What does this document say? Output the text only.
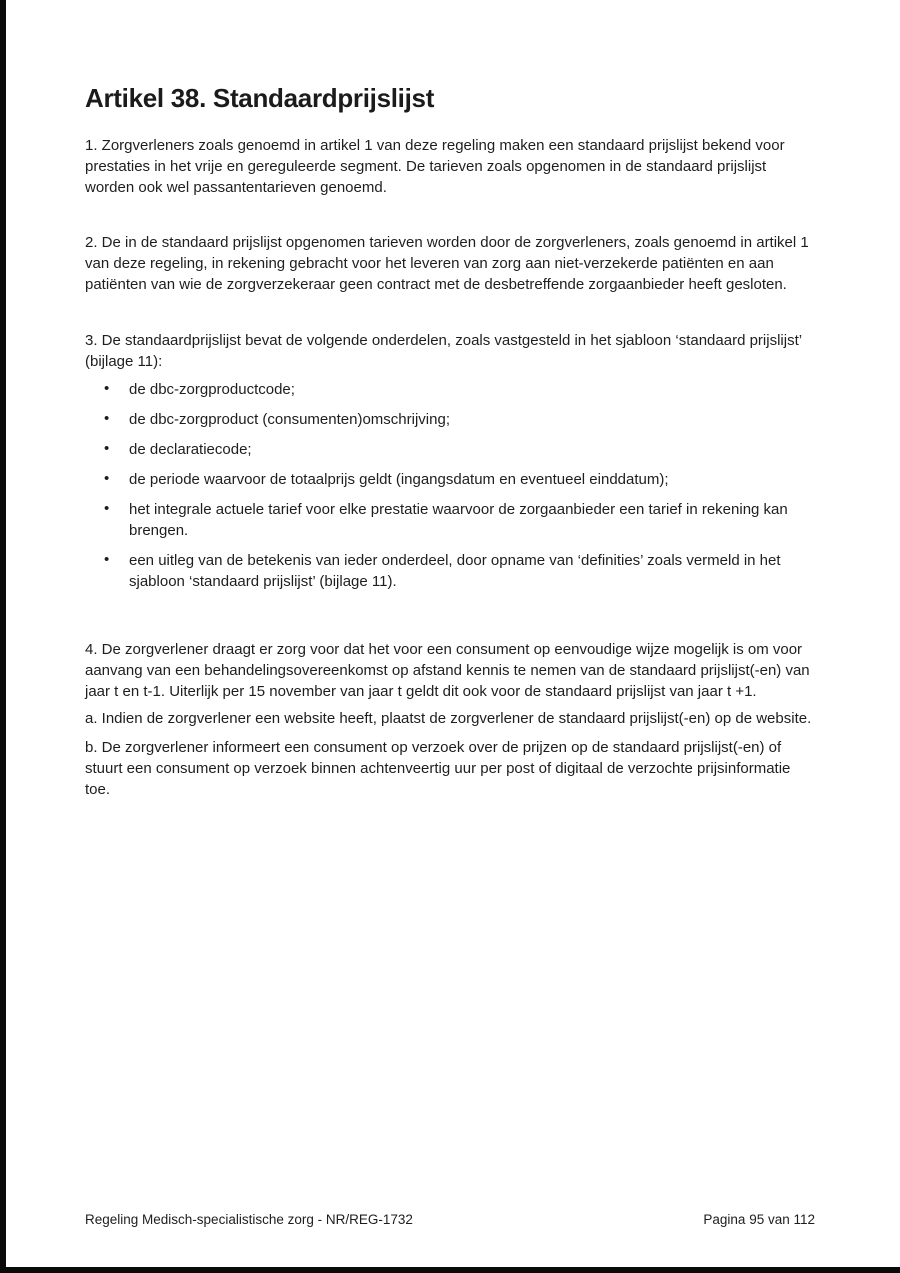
Artikel 38. Standaardprijslijst

1. Zorgverleners zoals genoemd in artikel 1 van deze regeling maken een standaard prijslijst bekend voor prestaties in het vrije en gereguleerde segment. De tarieven zoals opgenomen in de standaard prijslijst worden ook wel passantentarieven genoemd.

2. De in de standaard prijslijst opgenomen tarieven worden door de zorgverleners, zoals genoemd in artikel 1 van deze regeling, in rekening gebracht voor het leveren van zorg aan niet-verzekerde patiënten en aan patiënten van wie de zorgverzekeraar geen contract met de desbetreffende zorgaanbieder heeft gesloten.

3. De standaardprijslijst bevat de volgende onderdelen, zoals vastgesteld in het sjabloon ‘standaard prijslijst’ (bijlage 11):

• de dbc-zorgproductcode;
• de dbc-zorgproduct (consumenten)omschrijving;
• de declaratiecode;
• de periode waarvoor de totaalprijs geldt (ingangsdatum en eventueel einddatum);
• het integrale actuele tarief voor elke prestatie waarvoor de zorgaanbieder een tarief in rekening kan brengen.
• een uitleg van de betekenis van ieder onderdeel, door opname van ‘definities’ zoals vermeld in het sjabloon ‘standaard prijslijst’ (bijlage 11).

4. De zorgverlener draagt er zorg voor dat het voor een consument op eenvoudige wijze mogelijk is om voor aanvang van een behandelingsovereenkomst op afstand kennis te nemen van de standaard prijslijst(-en) van jaar t en t-1. Uiterlijk per 15 november van jaar t geldt dit ook voor de standaard prijslijst van jaar t +1.

a. Indien de zorgverlener een website heeft, plaatst de zorgverlener de standaard prijslijst(-en) op de website.

b. De zorgverlener informeert een consument op verzoek over de prijzen op de standaard prijslijst(-en) of stuurt een consument op verzoek binnen achtenveertig uur per post of digitaal de verzochte prijsinformatie toe.

Regeling Medisch-specialistische zorg - NR/REG-1732	Pagina 95 van 112
